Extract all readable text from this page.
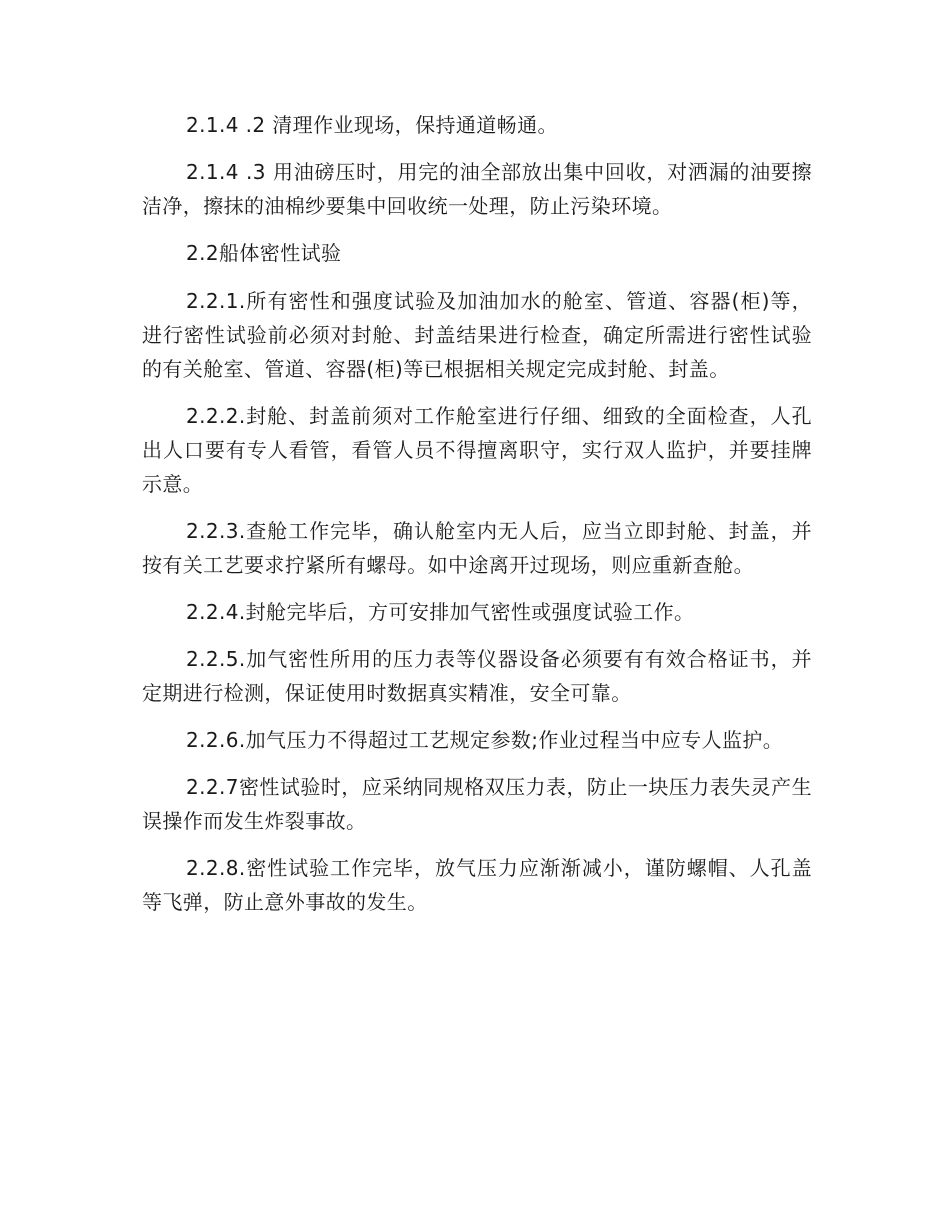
2.1.4 .2 清理作业现场，保持通道畅通。

2.1.4 .3 用油磅压时，用完的油全部放出集中回收，对洒漏的油要擦洁净，擦抹的油棉纱要集中回收统一处理，防止污染环境。

2.2船体密性试验

2.2.1.所有密性和强度试验及加油加水的舱室、管道、容器(柜)等，进行密性试验前必须对封舱、封盖结果进行检查，确定所需进行密性试验的有关舱室、管道、容器(柜)等已根据相关规定完成封舱、封盖。

2.2.2.封舱、封盖前须对工作舱室进行仔细、细致的全面检查，人孔出人口要有专人看管，看管人员不得擅离职守，实行双人监护，并要挂牌示意。

2.2.3.查舱工作完毕，确认舱室内无人后，应当立即封舱、封盖，并按有关工艺要求拧紧所有螺母。如中途离开过现场，则应重新查舱。

2.2.4.封舱完毕后，方可安排加气密性或强度试验工作。

2.2.5.加气密性所用的压力表等仪器设备必须要有有效合格证书，并定期进行检测，保证使用时数据真实精准，安全可靠。

2.2.6.加气压力不得超过工艺规定参数;作业过程当中应专人监护。

2.2.7密性试验时，应采纳同规格双压力表，防止一块压力表失灵产生误操作而发生炸裂事故。

2.2.8.密性试验工作完毕，放气压力应渐渐减小，谨防螺帽、人孔盖等飞弹，防止意外事故的发生。
